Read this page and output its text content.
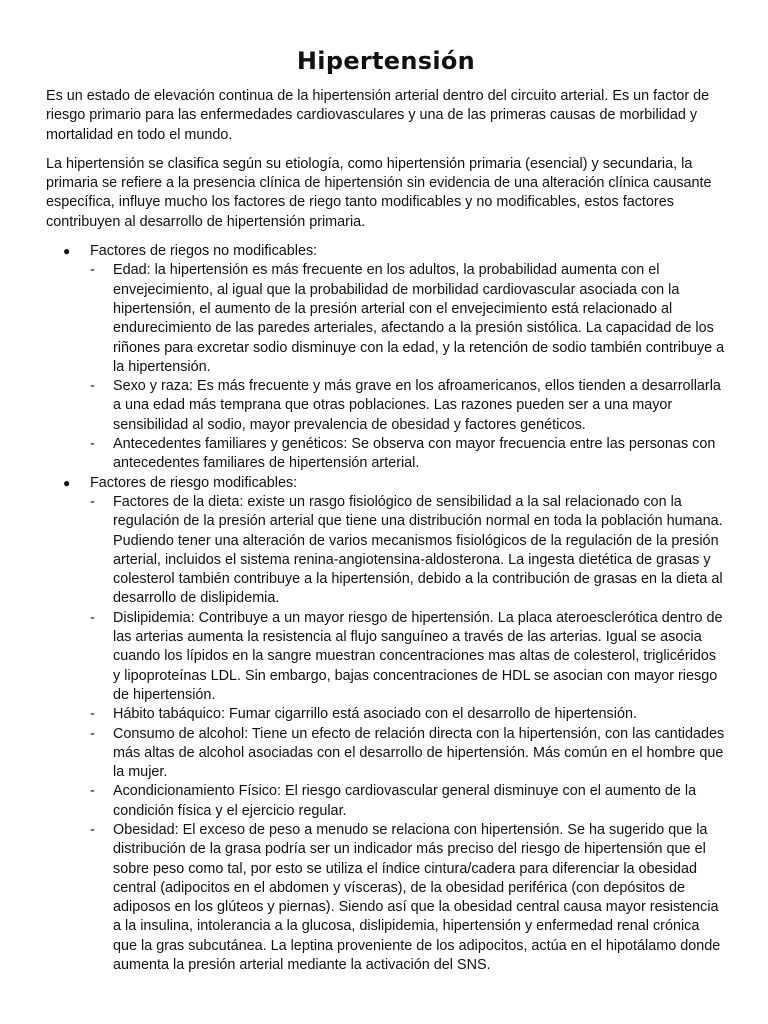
Hipertensión

Es un estado de elevación continua de la hipertensión arterial dentro del circuito arterial. Es un factor de riesgo primario para las enfermedades cardiovasculares y una de las primeras causas de morbilidad y mortalidad en todo el mundo.

La hipertensión se clasifica según su etiología, como hipertensión primaria (esencial) y secundaria, la primaria se refiere a la presencia clínica de hipertensión sin evidencia de una alteración clínica causante específica, influye mucho los factores de riego tanto modificables y no modificables, estos factores contribuyen al desarrollo de hipertensión primaria.

● Factores de riegos no modificables:
- Edad: la hipertensión es más frecuente en los adultos, la probabilidad aumenta con el envejecimiento, al igual que la probabilidad de morbilidad cardiovascular asociada con la hipertensión, el aumento de la presión arterial con el envejecimiento está relacionado al endurecimiento de las paredes arteriales, afectando a la presión sistólica. La capacidad de los riñones para excretar sodio disminuye con la edad, y la retención de sodio también contribuye a la hipertensión.
- Sexo y raza: Es más frecuente y más grave en los afroamericanos, ellos tienden a desarrollarla a una edad más temprana que otras poblaciones. Las razones pueden ser a una mayor sensibilidad al sodio, mayor prevalencia de obesidad y factores genéticos.
- Antecedentes familiares y genéticos: Se observa con mayor frecuencia entre las personas con antecedentes familiares de hipertensión arterial.
● Factores de riesgo modificables:
- Factores de la dieta: existe un rasgo fisiológico de sensibilidad a la sal relacionado con la regulación de la presión arterial que tiene una distribución normal en toda la población humana. Pudiendo tener una alteración de varios mecanismos fisiológicos de la regulación de la presión arterial, incluidos el sistema renina-angiotensina-aldosterona. La ingesta dietética de grasas y colesterol también contribuye a la hipertensión, debido a la contribución de grasas en la dieta al desarrollo de dislipidemia.
- Dislipidemia: Contribuye a un mayor riesgo de hipertensión. La placa ateroesclerótica dentro de las arterias aumenta la resistencia al flujo sanguíneo a través de las arterias. Igual se asocia cuando los lípidos en la sangre muestran concentraciones mas altas de colesterol, triglicéridos y lipoproteínas LDL. Sin embargo, bajas concentraciones de HDL se asocian con mayor riesgo de hipertensión.
- Hábito tabáquico: Fumar cigarrillo está asociado con el desarrollo de hipertensión.
- Consumo de alcohol: Tiene un efecto de relación directa con la hipertensión, con las cantidades más altas de alcohol asociadas con el desarrollo de hipertensión. Más común en el hombre que la mujer.
- Acondicionamiento Físico: El riesgo cardiovascular general disminuye con el aumento de la condición física y el ejercicio regular.
- Obesidad: El exceso de peso a menudo se relaciona con hipertensión. Se ha sugerido que la distribución de la grasa podría ser un indicador más preciso del riesgo de hipertensión que el sobre peso como tal, por esto se utiliza el índice cintura/cadera para diferenciar la obesidad central (adipocitos en el abdomen y vísceras), de la obesidad periférica (con depósitos de adiposos en los glúteos y piernas). Siendo así que la obesidad central causa mayor resistencia a la insulina, intolerancia a la glucosa, dislipidemia, hipertensión y enfermedad renal crónica que la gras subcutánea. La leptina proveniente de los adipocitos, actúa en el hipotálamo donde aumenta la presión arterial mediante la activación del SNS.
